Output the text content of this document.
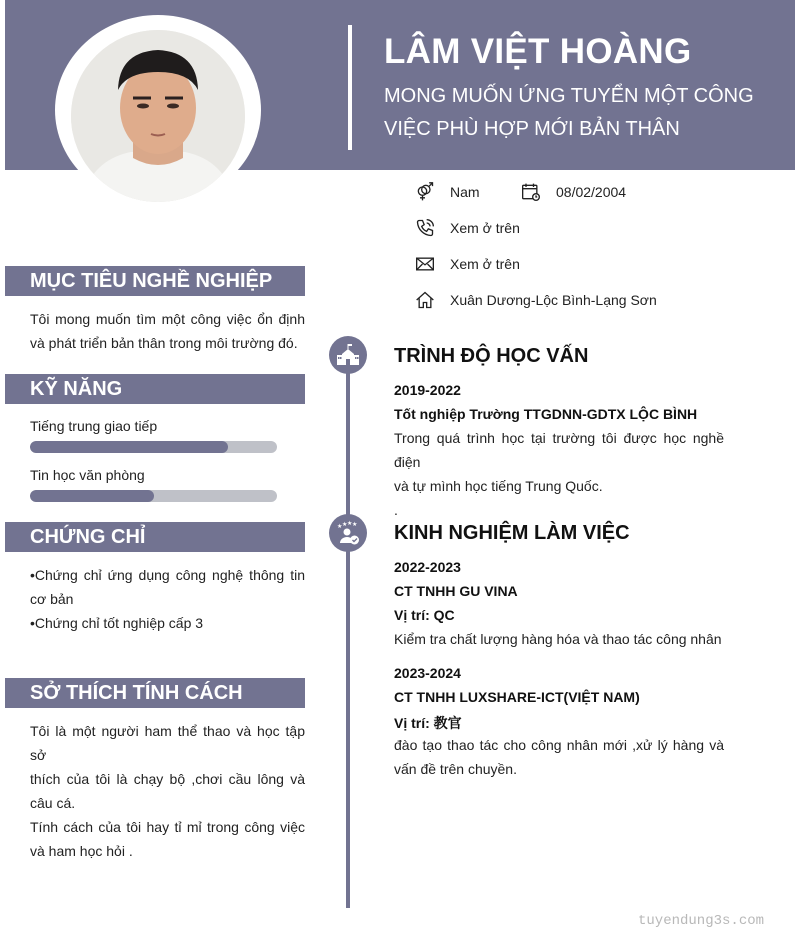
LÂM VIỆT HOÀNG
MONG MUỐN ỨNG TUYỂN MỘT CÔNG
VIỆC PHÙ HỢP MỚI BẢN THÂN
Nam	08/02/2004
Xem ở trên
Xem ở trên
Xuân Dương-Lộc Bình-Lạng Sơn
MỤC TIÊU NGHỀ NGHIỆP
Tôi mong muốn tìm một công việc ổn định
và phát triển bản thân trong môi trường đó.
KỸ NĂNG
Tiếng trung giao tiếp
Tin học văn phòng
CHỨNG CHỈ
•Chứng chỉ ứng dụng công nghệ thông tin
cơ bản
•Chứng chỉ tốt nghiệp cấp 3
SỞ THÍCH TÍNH CÁCH
Tôi là một người ham thể thao và học tập sở
thích của tôi là chạy bộ ,chơi cầu lông và
câu cá.
Tính cách của tôi hay tỉ mỉ trong công việc
và ham học hỏi .
★ ★ ★ ★
TRÌNH ĐỘ HỌC VẤN
2019-2022
Tốt nghiệp Trường TTGDNN-GDTX LỘC BÌNH
Trong quá trình học tại trường tôi được học nghề điện
và tự mình học tiếng Trung Quốc.
.
KINH NGHIỆM LÀM VIỆC
2022-2023
CT TNHH GU VINA
Vị trí: QC
Kiểm tra chất lượng hàng hóa và thao tác công nhân
2023-2024
CT TNHH LUXSHARE-ICT(VIỆT NAM)
Vị trí: 教官
đào tạo thao tác cho công nhân mới ,xử lý hàng và
vấn đề trên chuyền.
tuyendung3s.com
